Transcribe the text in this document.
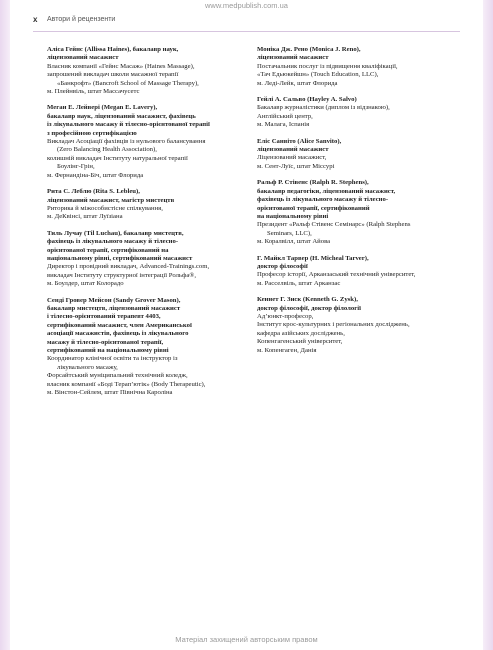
www.medpublish.com.ua
x Автори й рецензенти
Аліса Гейнс (Allissa Haines), бакалавр наук,
ліцензований масажист
Власник компанії «Гейнс Масаж» (Haines Massage),
запрошений викладач школи масажної терапії
«Банкрофт» (Bancroft School of Massage Therapy),
м. Плейнвіль, штат Массачусетс
Меган Е. Лейвері (Megan E. Lavery),
бакалавр наук, ліцензований масажист, фахівець
із лікувального масажу й тілесно-орієнтованої терапії
з професійною сертифікацією
Викладач Асоціації фахівців із нульового балансування
(Zero Balancing Health Association),
колишній викладач Інституту натуральної терапії
Боулінг-Грін,
м. Фернандіна-Біч, штат Флорида
Рита С. Леблю (Rita S. Leblеu),
ліцензований масажист, магістр мистецтв
Риторика й міжособистісне спілкування,
м. ДеКвінсі, штат Луїзіана
Тиль Лучау (Til Luchau), бакалавр мистецтв,
фахівець із лікувального масажу й тілесно-
орієнтованої терапії, сертифікований на
національному рівні, сертифікований масажист
Директор і провідний викладач, Advanced-Trainings.com,
викладач Інституту структурної інтеграції Рольфа®,
м. Боулдер, штат Колорадо
Сенді Гровер Мейсон (Sandy Grover Mason),
бакалавр мистецтв, ліцензований масажист
і тілесно-орієнтований терапевт 4403,
сертифікований масажист, член Американської
асоціації масажистів, фахівець із лікувального
масажу й тілесно-орієнтованої терапії,
сертифікований на національному рівні
Координатор клінічної освіти та інструктор із
лікувального масажу,
Форсайтський муніципальний технічний коледж,
власник компанії «Боді Терап’ютік» (Body Therapeutic),
м. Вінстон-Сейлем, штат Північна Кароліна
Моніка Дж. Рено (Monica J. Reno),
ліцензований масажист
Постачальник послуг із підвищення кваліфікації,
«Тач Едьюкейшн» (Touch Education, LLC),
м. Леді-Лейк, штат Флорида
Гейлі А. Сальво (Hayley A. Salvo)
Бакалавр журналістики (диплом із відзнакою),
Англійський центр,
м. Малага, Іспанія
Еліс Санвіто (Alice Sanvito),
ліцензований масажист
Ліцензований масажист,
м. Сент-Луїс, штат Міссурі
Ральф Р. Стівенс (Ralph R. Stephens),
бакалавр педагогіки, ліцензований масажист,
фахівець із лікувального масажу й тілесно-
орієнтованої терапії, сертифікований
на національному рівні
Президент «Ральф Стівенс Семінарс» (Ralph Stephens
Seminars, LLC),
м. Коралвілл, штат Айова
Г. Майкл Тарвер (H. Micheal Tarver),
доктор філософії
Професор історії, Арканзаський технічний університет,
м. Расселвіль, штат Арканзас
Кеннет Г. Зиск (Kenneth G. Zysk),
доктор філософії, доктор філології
Ад’юнкт-професор,
Інститут крос-культурних і регіональних досліджень,
кафедра азійських досліджень,
Копенгагенський університет,
м. Копенгаген, Данія
Матеріал захищений авторським правом
